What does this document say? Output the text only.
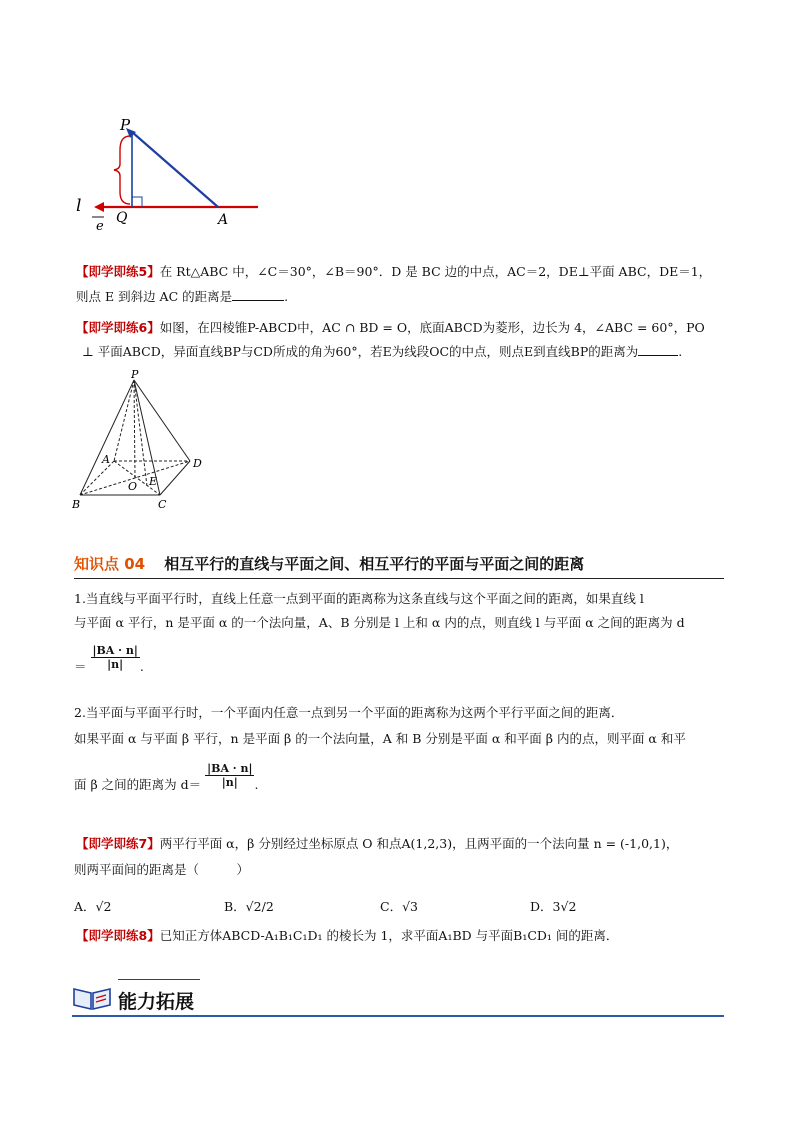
P
Q	A
l
e
【即学即练5】在 Rt△ABC 中，∠C＝30°，∠B＝90°．D 是 BC 边的中点，AC＝2，DE⊥平面 ABC，DE＝1，
则点 E 到斜边 AC 的距离是	.
【即学即练6】如图，在四棱锥P-ABCD中，AC ∩ BD = O，底面ABCD为菱形，边长为 4，∠ABC = 60°，PO
⊥ 平面ABCD，异面直线BP与CD所成的角为60°，若E为线段OC的中点，则点E到直线BP的距离为	.
P
A
B	C
D
O E
知识点 04 相互平行的直线与平面之间、相互平行的平面与平面之间的距离
1.当直线与平面平行时，直线上任意一点到平面的距离称为这条直线与这个平面之间的距离，如果直线 l
与平面 α 平行，n 是平面 α 的一个法向量，A、B 分别是 l 上和 α 内的点，则直线 l 与平面 α 之间的距离为 d
＝ $\frac{|BA \cdot n|}{|n|}$ .
2.当平面与平面平行时，一个平面内任意一点到另一个平面的距离称为这两个平行平面之间的距离．
如果平面 α 与平面 β 平行，n 是平面 β 的一个法向量，A 和 B 分别是平面 α 和平面 β 内的点，则平面 α 和平
面 β 之间的距离为 $d= \frac{|BA \cdot n|}{|n|}$ .
【即学即练7】两平行平面 α，β 分别经过坐标原点 O 和点A(1,2,3)，且两平面的一个法向量 n = (-1,0,1)，
则两平面间的距离是（　　　）
A．√2	B．√2/2	C．√3	D．3√2
【即学即练8】已知正方体ABCD-A₁B₁C₁D₁ 的棱长为 1，求平面A₁BD 与平面B₁CD₁ 间的距离．
能力拓展
